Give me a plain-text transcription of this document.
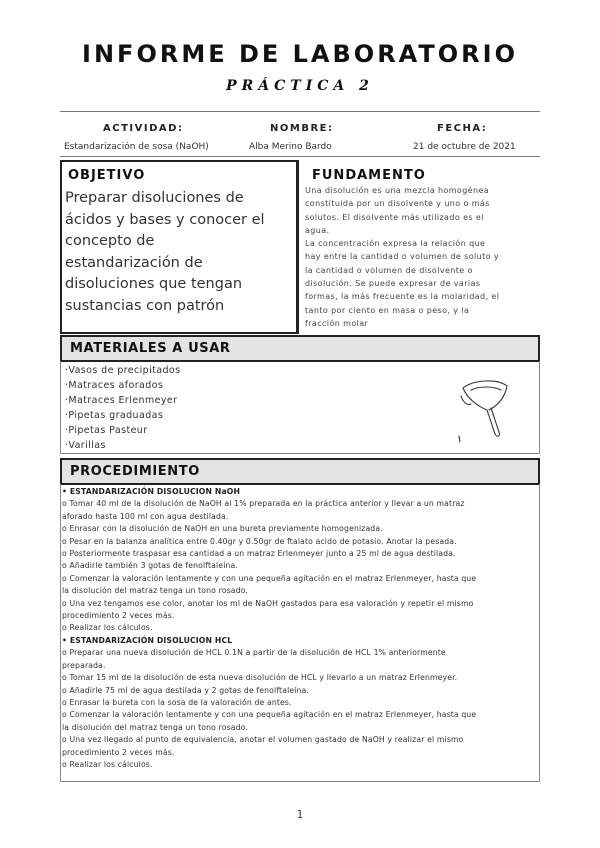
INFORME DE LABORATORIO
PRÁCTICA 2
ACTIVIDAD:	NOMBRE:	FECHA:
Estandarización de sosa (NaOH)	Alba Merino Bardo	21 de octubre de 2021
OBJETIVO
Preparar disoluciones de
ácidos y bases y conocer el
concepto de
estandarización de
disoluciones que tengan
sustancias con patrón
FUNDAMENTO
Una disolución es una mezcla homogénea
constituida por un disolvente y uno o más
solutos. El disolvente más utilizado es el
agua.
La concentración expresa la relación que
hay entre la cantidad o volumen de soluto y
la cantidad o volumen de disolvente o
disolución. Se puede expresar de varias
formas, la más frecuente es la molaridad, el
tanto por ciento en masa o peso, y la
fracción molar
MATERIALES A USAR
·Vasos de precipitados
·Matraces aforados
·Matraces Erlenmeyer
·Pipetas graduadas
·Pipetas Pasteur
·Varillas
PROCEDIMIENTO

• ESTANDARIZACIÓN DISOLUCION NaOH

o Tomar 40 ml de la disolución de NaOH al 1% preparada en la práctica anterior y llevar a un matraz

aforado hasta 100 ml con agua destilada.

o Enrasar con la disolución de NaOH en una bureta previamente homogenizada.

o Pesar en la balanza analítica entre 0.40gr y 0.50gr de ftalato acido de potasio. Anotar la pesada.

o Posteriormente traspasar esa cantidad a un matraz Erlenmeyer junto a 25 ml de agua destilada.

o Añadirle también 3 gotas de fenolftaleína.

o Comenzar la valoración lentamente y con una pequeña agitación en el matraz Erlenmeyer, hasta que

la disolución del matraz tenga un tono rosado.

o Una vez tengamos ese color, anotar los ml de NaOH gastados para esa valoración y repetir el mismo

procedimiento 2 veces más.

o Realizar los cálculos.

• ESTANDARIZACIÓN DISOLUCION HCL

o Preparar una nueva disolución de HCL 0.1N a partir de la disolución de HCL 1% anteriormente

preparada.

o Tomar 15 ml de la disolución de esta nueva disolución de HCL y llevarlo a un matraz Erlenmeyer.

o Añadirle 75 ml de agua destilada y 2 gotas de fenolftaleína.

o Enrasar la bureta con la sosa de la valoración de antes.

o Comenzar la valoración lentamente y con una pequeña agitación en el matraz Erlenmeyer, hasta que

la disolución del matraz tenga un tono rosado.

o Una vez llegado al punto de equivalencia, anotar el volumen gastado de NaOH y realizar el mismo

procedimiento 2 veces más.

o Realizar los cálculos.

1
